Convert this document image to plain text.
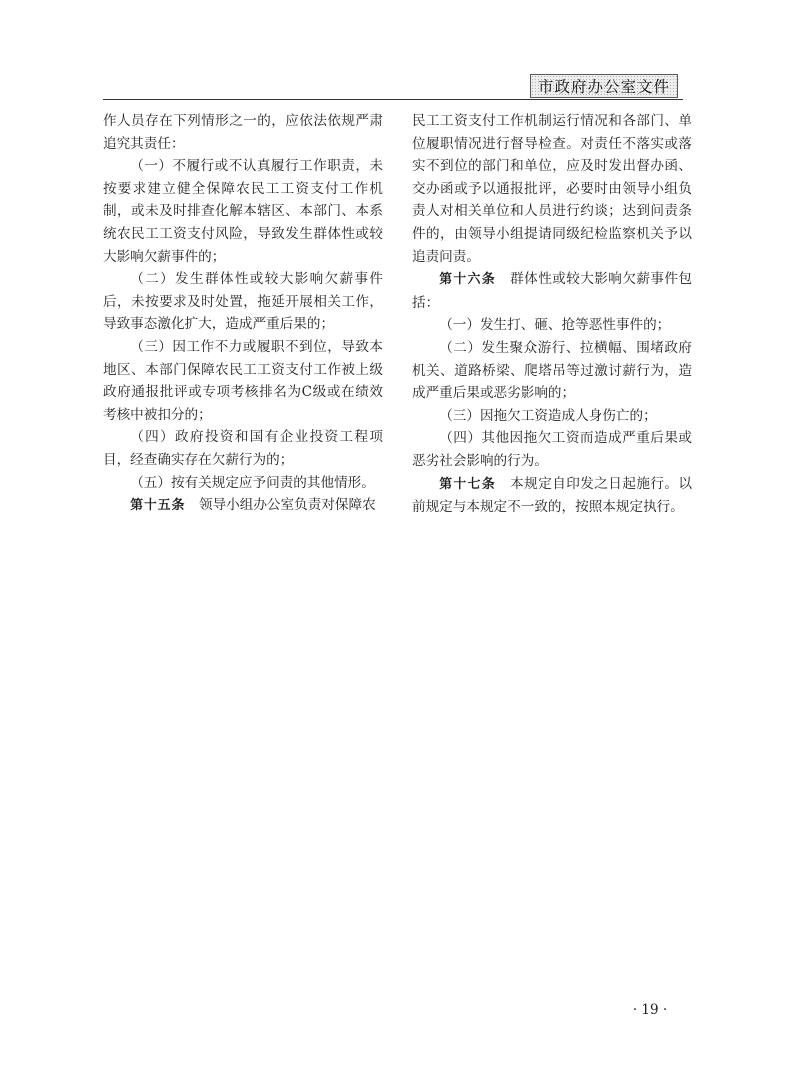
市政府办公室文件

作人员存在下列情形之一的，应依法依规严肃追究其责任：

（一）不履行或不认真履行工作职责，未按要求建立健全保障农民工工资支付工作机制，或未及时排查化解本辖区、本部门、本系统农民工工资支付风险，导致发生群体性或较大影响欠薪事件的；

（二）发生群体性或较大影响欠薪事件后，未按要求及时处置，拖延开展相关工作，导致事态激化扩大，造成严重后果的；

（三）因工作不力或履职不到位，导致本地区、本部门保障农民工工资支付工作被上级政府通报批评或专项考核排名为C级或在绩效考核中被扣分的；

（四）政府投资和国有企业投资工程项目，经查确实存在欠薪行为的；

（五）按有关规定应予问责的其他情形。

第十五条　 领导小组办公室负责对保障农

民工工资支付工作机制运行情况和各部门、单位履职情况进行督导检查。对责任不落实或落实不到位的部门和单位，应及时发出督办函、交办函或予以通报批评，必要时由领导小组负责人对相关单位和人员进行约谈；达到问责条件的，由领导小组提请同级纪检监察机关予以追责问责。

第十六条　 群体性或较大影响欠薪事件包括：

（一）发生打、砸、抢等恶性事件的；

（二）发生聚众游行、拉横幅、围堵政府机关、道路桥梁、爬塔吊等过激讨薪行为，造成严重后果或恶劣影响的；

（三）因拖欠工资造成人身伤亡的；

（四）其他因拖欠工资而造成严重后果或恶劣社会影响的行为。

第十七条　 本规定自印发之日起施行。以前规定与本规定不一致的，按照本规定执行。

· 19 ·
